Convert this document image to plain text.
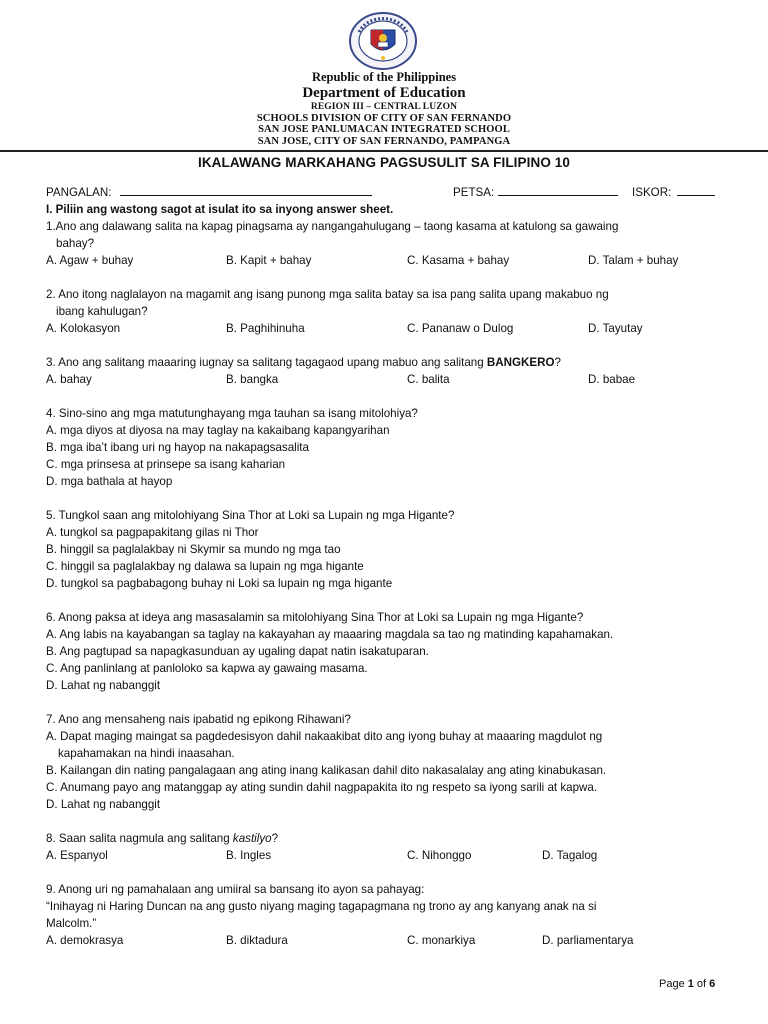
Republic of the Philippines
Department of Education
REGION III – CENTRAL LUZON
SCHOOLS DIVISION OF CITY OF SAN FERNANDO
SAN JOSE PANLUMACAN INTEGRATED SCHOOL
SAN JOSE, CITY OF SAN FERNANDO, PAMPANGA
IKALAWANG MARKAHANG PAGSUSULIT SA FILIPINO 10
PANGALAN:	PETSA:	ISKOR:
I. Piliin ang wastong sagot at isulat ito sa inyong answer sheet.
1.Ano ang dalawang salita na kapag pinagsama ay nangangahulugang – taong kasama at katulong sa gawaing
bahay?
A. Agaw + buhay	B. Kapit + bahay	C. Kasama + bahay	D. Talam + buhay
2. Ano itong naglalayon na magamit ang isang punong mga salita batay sa isa pang salita upang makabuo ng
ibang kahulugan?
A. Kolokasyon	B. Paghihinuha	C. Pananaw o Dulog	D. Tayutay
3. Ano ang salitang maaaring iugnay sa salitang tagagaod upang mabuo ang salitang BANGKERO?
A. bahay	B. bangka	C. balita	D. babae
4. Sino-sino ang mga matutunghayang mga tauhan sa isang mitolohiya?
A. mga diyos at diyosa na may taglay na kakaibang kapangyarihan
B. mga iba’t ibang uri ng hayop na nakapagsasalita
C. mga prinsesa at prinsepe sa isang kaharian
D. mga bathala at hayop
5. Tungkol saan ang mitolohiyang Sina Thor at Loki sa Lupain ng mga Higante?
A. tungkol sa pagpapakitang gilas ni Thor
B. hinggil sa paglalakbay ni Skymir sa mundo ng mga tao
C. hinggil sa paglalakbay ng dalawa sa lupain ng mga higante
D. tungkol sa pagbabagong buhay ni Loki sa lupain ng mga higante
6. Anong paksa at ideya ang masasalamin sa mitolohiyang Sina Thor at Loki sa Lupain ng mga Higante?
A. Ang labis na kayabangan sa taglay na kakayahan ay maaaring magdala sa tao ng matinding kapahamakan.
B. Ang pagtupad sa napagkasunduan ay ugaling dapat natin isakatuparan.
C. Ang panlinlang at panloloko sa kapwa ay gawaing masama.
D. Lahat ng nabanggit
7. Ano ang mensaheng nais ipabatid ng epikong Rihawani?
A. Dapat maging maingat sa pagdedesisyon dahil nakaakibat dito ang iyong buhay at maaaring magdulot ng
kapahamakan na hindi inaasahan.
B. Kailangan din nating pangalagaan ang ating inang kalikasan dahil dito nakasalalay ang ating kinabukasan.
C. Anumang payo ang matanggap ay ating sundin dahil nagpapakita ito ng respeto sa iyong sarili at kapwa.
D. Lahat ng nabanggit
8. Saan salita nagmula ang salitang kastilyo?
A. Espanyol	B. Ingles	C. Nihonggo	D. Tagalog
9. Anong uri ng pamahalaan ang umiiral sa bansang ito ayon sa pahayag:
“Inihayag ni Haring Duncan na ang gusto niyang maging tagapagmana ng trono ay ang kanyang anak na si
Malcolm.”
A. demokrasya	B. diktadura	C. monarkiya	D. parliamentarya
Page 1 of 6
